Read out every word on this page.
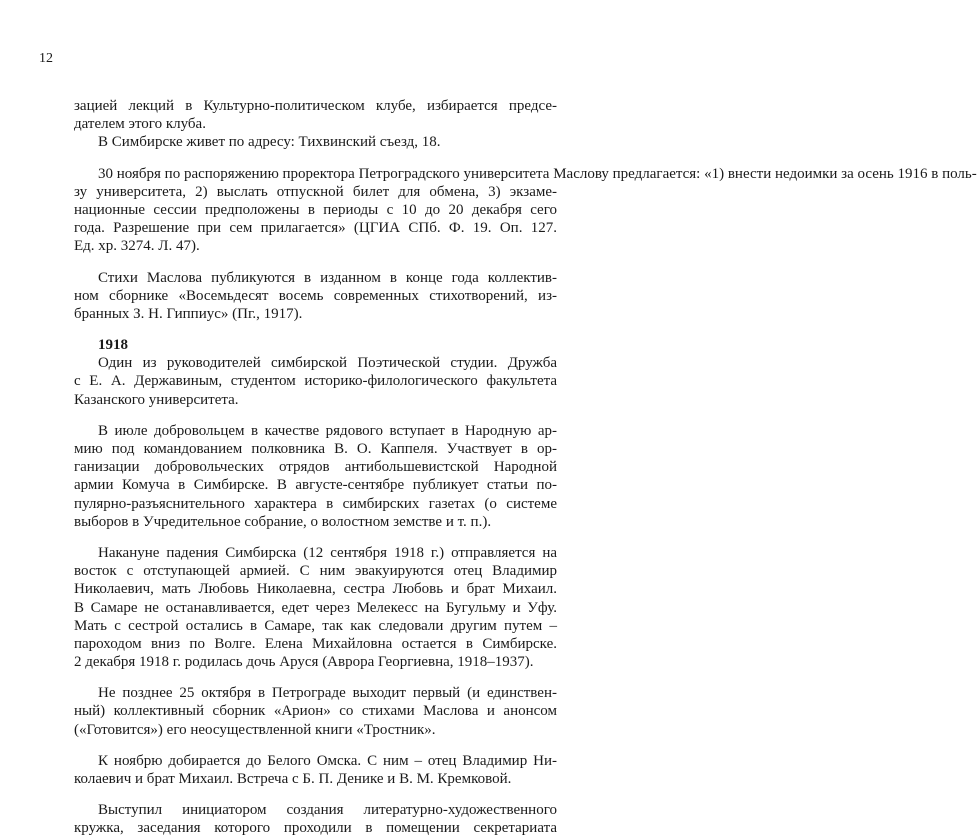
12
зацией лекций в Культурно-политическом клубе, избирается предсе-
дателем этого клуба.
В Симбирске живет по адресу: Тихвинский съезд, 18.
30 ноября по распоряжению проректора Петроградского университета Маслову предлагается: «1) внести недоимки за осень 1916 в поль-
зу университета, 2) выслать отпускной билет для обмена, 3) экзаме-
национные сессии предположены в периоды с 10 до 20 декабря сего
года. Разрешение при сем прилагается» (ЦГИА СПб. Ф. 19. Оп. 127.
Ед. хр. 3274. Л. 47).
Стихи Маслова публикуются в изданном в конце года коллектив-
ном сборнике «Восемьдесят восемь современных стихотворений, из-
бранных З. Н. Гиппиус» (Пг., 1917).
1918
Один из руководителей симбирской Поэтической студии. Дружба
с Е. А. Державиным, студентом историко-филологического факультета
Казанского университета.
В июле добровольцем в качестве рядового вступает в Народную ар-
мию под командованием полковника В. О. Каппеля. Участвует в ор-
ганизации добровольческих отрядов антибольшевистской Народной
армии Комуча в Симбирске. В августе-сентябре публикует статьи по-
пулярно-разъяснительного характера в симбирских газетах (о системе
выборов в Учредительное собрание, о волостном земстве и т. п.).
Накануне падения Симбирска (12 сентября 1918 г.) отправляется на
восток с отступающей армией. С ним эвакуируются отец Владимир
Николаевич, мать Любовь Николаевна, сестра Любовь и брат Михаил.
В Самаре не останавливается, едет через Мелекесс на Бугульму и Уфу.
Мать с сестрой остались в Самаре, так как следовали другим путем –
пароходом вниз по Волге. Елена Михайловна остается в Симбирске.
2 декабря 1918 г. родилась дочь Аруся (Аврора Георгиевна, 1918–1937).
Не позднее 25 октября в Петрограде выходит первый (и единствен-
ный) коллективный сборник «Арион» со стихами Маслова и анонсом
(«Готовится») его неосуществленной книги «Тростник».
К ноябрю добирается до Белого Омска. С ним – отец Владимир Ни-
колаевич и брат Михаил. Встреча с Б. П. Денике и В. М. Кремковой.
Выступил инициатором создания литературно-художественного
кружка, заседания которого проходили в помещении секретариата
